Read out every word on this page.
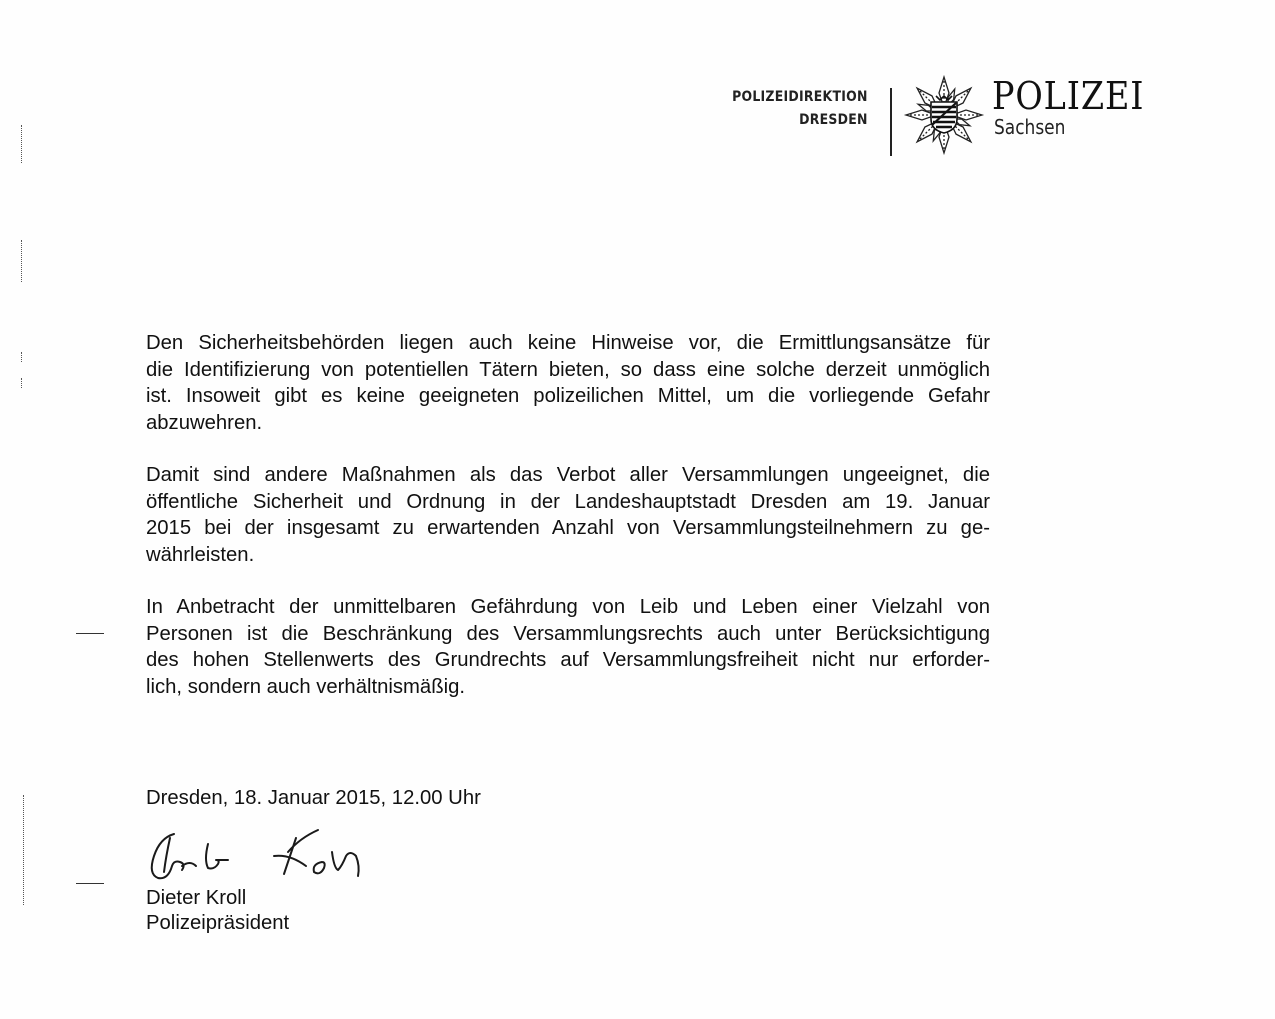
POLIZEIDIREKTION
DRESDEN
POLIZEI
Sachsen

Den Sicherheitsbehörden liegen auch keine Hinweise vor, die Ermittlungsansätze für
die Identifizierung von potentiellen Tätern bieten, so dass eine solche derzeit unmöglich
ist. Insoweit gibt es keine geeigneten polizeilichen Mittel, um die vorliegende Gefahr
abzuwehren.

Damit sind andere Maßnahmen als das Verbot aller Versammlungen ungeeignet, die
öffentliche Sicherheit und Ordnung in der Landeshauptstadt Dresden am 19. Januar
2015 bei der insgesamt zu erwartenden Anzahl von Versammlungsteilnehmern zu ge-
währleisten.

In Anbetracht der unmittelbaren Gefährdung von Leib und Leben einer Vielzahl von
Personen ist die Beschränkung des Versammlungsrechts auch unter Berücksichtigung
des hohen Stellenwerts des Grundrechts auf Versammlungsfreiheit nicht nur erforder-
lich, sondern auch verhältnismäßig.

Dresden, 18. Januar 2015, 12.00 Uhr
Dieter Kroll
Polizeipräsident
